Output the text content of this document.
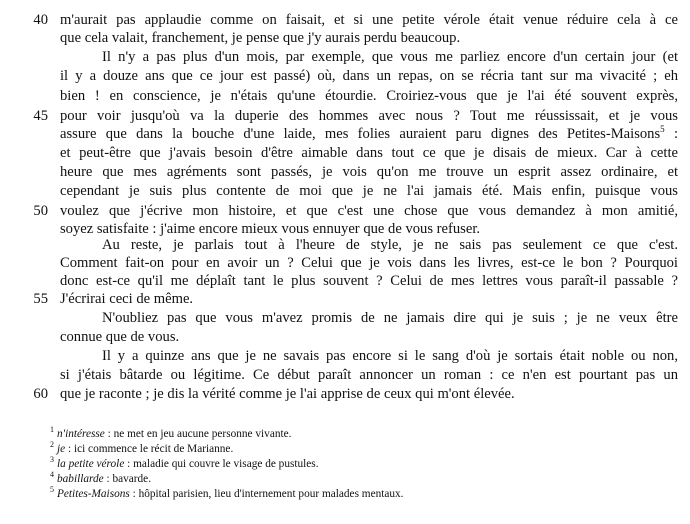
40
45
50
55
60
m'aurait pas applaudie comme on faisait, et si une petite vérole était venue réduire cela à ce
que cela valait, franchement, je pense que j'y aurais perdu beaucoup.
Il n'y a pas plus d'un mois, par exemple, que vous me parliez encore d'un certain jour (et
il y a douze ans que ce jour est passé) où, dans un repas, on se récria tant sur ma vivacité ; eh
bien ! en conscience, je n'étais qu'une étourdie. Croiriez-vous que je l'ai été souvent exprès,
pour voir jusqu'où va la duperie des hommes avec nous ? Tout me réussissait, et je vous
assure que dans la bouche d'une laide, mes folies auraient paru dignes des Petites-Maisons$^5$ :
et peut-être que j'avais besoin d'être aimable dans tout ce que je disais de mieux. Car à cette
heure que mes agréments sont passés, je vois qu'on me trouve un esprit assez ordinaire, et
cependant je suis plus contente de moi que je ne l'ai jamais été. Mais enfin, puisque vous
voulez que j'écrive mon histoire, et que c'est une chose que vous demandez à mon amitié,
soyez satisfaite : j'aime encore mieux vous ennuyer que de vous refuser.
Au reste, je parlais tout à l'heure de style, je ne sais pas seulement ce que c'est.
Comment fait-on pour en avoir un ? Celui que je vois dans les livres, est-ce le bon ? Pourquoi
donc est-ce qu'il me déplaît tant le plus souvent ? Celui de mes lettres vous paraît-il passable ?
J'écrirai ceci de même.
N'oubliez pas que vous m'avez promis de ne jamais dire qui je suis ; je ne veux être
connue que de vous.
Il y a quinze ans que je ne savais pas encore si le sang d'où je sortais était noble ou non,
si j'étais bâtarde ou légitime. Ce début paraît annoncer un roman : ce n'en est pourtant pas un
que je raconte ; je dis la vérité comme je l'ai apprise de ceux qui m'ont élevée.
$^1$ n'intéresse : ne met en jeu aucune personne vivante.
$^2$ je : ici commence le récit de Marianne.
$^3$ la petite vérole : maladie qui couvre le visage de pustules.
$^4$ babillarde : bavarde.
$^5$ Petites-Maisons : hôpital parisien, lieu d'internement pour malades mentaux.
